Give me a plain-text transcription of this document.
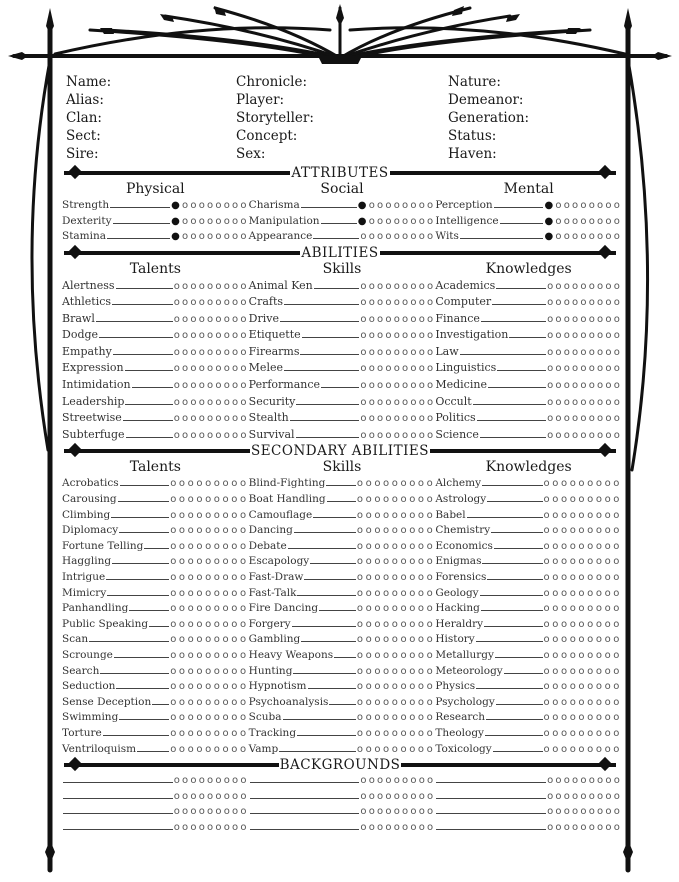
Name:
Alias:
Clan:
Sect:
Sire:
Chronicle:
Player:
Storyteller:
Concept:
Sex:
Nature:
Demeanor:
Generation:
Status:
Haven:
ATTRIBUTES
Physical
Strength	●oooooooo
Dexterity	●oooooooo
Stamina	●oooooooo
Social
Charisma	●oooooooo
Manipulation	●oooooooo
Appearance	ooooooooo
Mental
Perception	●oooooooo
Intelligence	●oooooooo
Wits	●oooooooo
ABILITIES
Talents
Alertness	ooooooooo
Athletics	ooooooooo
Brawl	ooooooooo
Dodge	ooooooooo
Empathy	ooooooooo
Expression	ooooooooo
Intimidation	ooooooooo
Leadership	ooooooooo
Streetwise	ooooooooo
Subterfuge	ooooooooo
Skills
Animal Ken	ooooooooo
Crafts	ooooooooo
Drive	ooooooooo
Etiquette	ooooooooo
Firearms	ooooooooo
Melee	ooooooooo
Performance	ooooooooo
Security	ooooooooo
Stealth	ooooooooo
Survival	ooooooooo
Knowledges
Academics	ooooooooo
Computer	ooooooooo
Finance	ooooooooo
Investigation	ooooooooo
Law	ooooooooo
Linguistics	ooooooooo
Medicine	ooooooooo
Occult	ooooooooo
Politics	ooooooooo
Science	ooooooooo
SECONDARY ABILITIES
Talents
Acrobatics	ooooooooo
Carousing	ooooooooo
Climbing	ooooooooo
Diplomacy	ooooooooo
Fortune Telling	ooooooooo
Haggling	ooooooooo
Intrigue	ooooooooo
Mimicry	ooooooooo
Panhandling	ooooooooo
Public Speaking ooooooooo
Scan	ooooooooo
Scrounge	ooooooooo
Search	ooooooooo
Seduction	ooooooooo
Sense Deception ooooooooo
Swimming	ooooooooo
Torture	ooooooooo
Ventriloquism	ooooooooo
Skills
Blind-Fighting	ooooooooo
Boat Handling	ooooooooo
Camouflage	ooooooooo
Dancing	ooooooooo
Debate	ooooooooo
Escapology	ooooooooo
Fast-Draw	ooooooooo
Fast-Talk	ooooooooo
Fire Dancing	ooooooooo
Forgery	ooooooooo
Gambling	ooooooooo
Heavy Weapons ooooooooo
Hunting	ooooooooo
Hypnotism	ooooooooo
Psychoanalysis	ooooooooo
Scuba	ooooooooo
Tracking	ooooooooo
Vamp	ooooooooo
Knowledges
Alchemy	ooooooooo
Astrology	ooooooooo
Babel	ooooooooo
Chemistry	ooooooooo
Economics	ooooooooo
Enigmas	ooooooooo
Forensics	ooooooooo
Geology	ooooooooo
Hacking	ooooooooo
Heraldry	ooooooooo
History	ooooooooo
Metallurgy	ooooooooo
Meteorology	ooooooooo
Physics	ooooooooo
Psychology	ooooooooo
Research	ooooooooo
Theology	ooooooooo
Toxicology	ooooooooo
BACKGROUNDS
ooooooooo
ooooooooo
ooooooooo
ooooooooo
ooooooooo
ooooooooo
ooooooooo
ooooooooo
ooooooooo
ooooooooo
ooooooooo
ooooooooo
